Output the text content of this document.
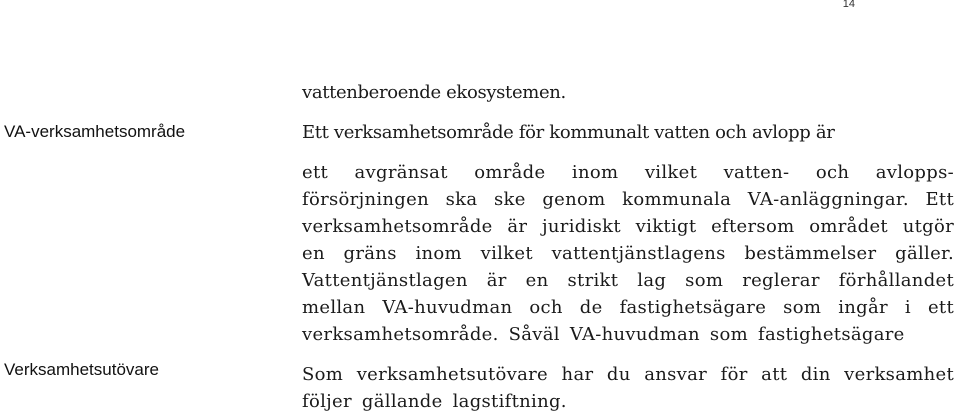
14

vattenberoende ekosystemen.

VA-verksamhetsområde	Ett verksamhetsområde för kommunalt vatten och avlopp är

ett avgränsat område inom vilket vatten- och avlopps-försörjningen ska ske genom kommunala VA-anläggningar. Ett verksamhetsområde är juridiskt viktigt eftersom området utgör en gräns inom vilket vattentjänstlagens bestämmelser gäller. Vattentjänstlagen är en strikt lag som reglerar förhållandet mellan VA-huvudman och de fastighetsägare som ingår i ett verksamhetsområde. Såväl VA-huvudman som fastighetsägare

Verksamhetsutövare	Som verksamhetsutövare har du ansvar för att din verksamhet följer gällande lagstiftning.
